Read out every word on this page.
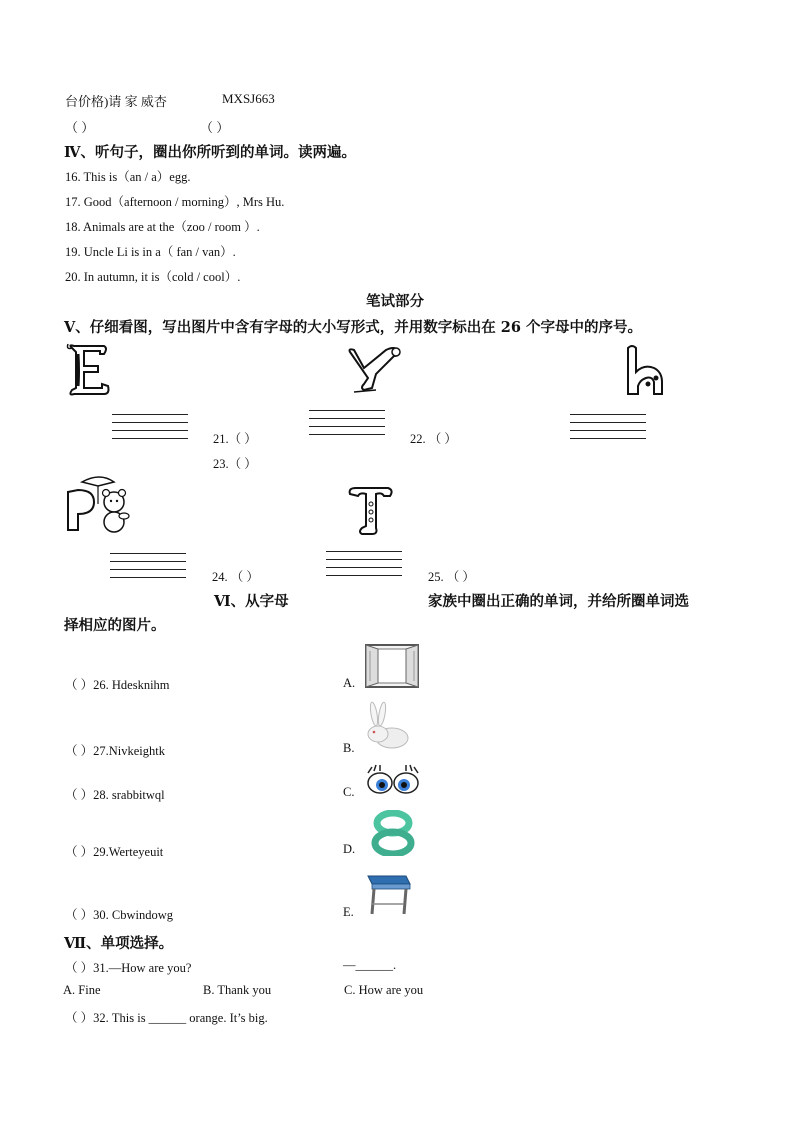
台价格)请 家 威杏	MXSJ663
（ ）	（ ）
Ⅳ、听句子，圈出你所听到的单词。读两遍。
16. This is（an / a）egg.
17. Good（afternoon / morning）, Mrs Hu.
18. Animals are at the（zoo / room ）.
19. Uncle Li is in a（ fan / van）.
20. In autumn, it is（cold / cool）.
笔试部分
Ⅴ、仔细看图，写出图片中含有字母的大小写形式，并用数字标出在 26 个字母中的序号。
21.（ ）	22. （ ）
23.（ ）
24. （ ）	25. （ ）
Ⅵ、从字母	家族中圈出正确的单词，并给所圈单词选
择相应的图片。
（ ）26. Hdesknihm	A.
（ ）27.Nivkeightk	B.
（ ）28. srabbitwql	C.
（ ）29.Werteyeuit	D.
（ ）30. Cbwindowg	E.
Ⅶ、单项选择。
（ ）31.—How are you?	—______.
A. Fine	B. Thank you	C. How are you
（ ）32. This is ______ orange. It’s big.
